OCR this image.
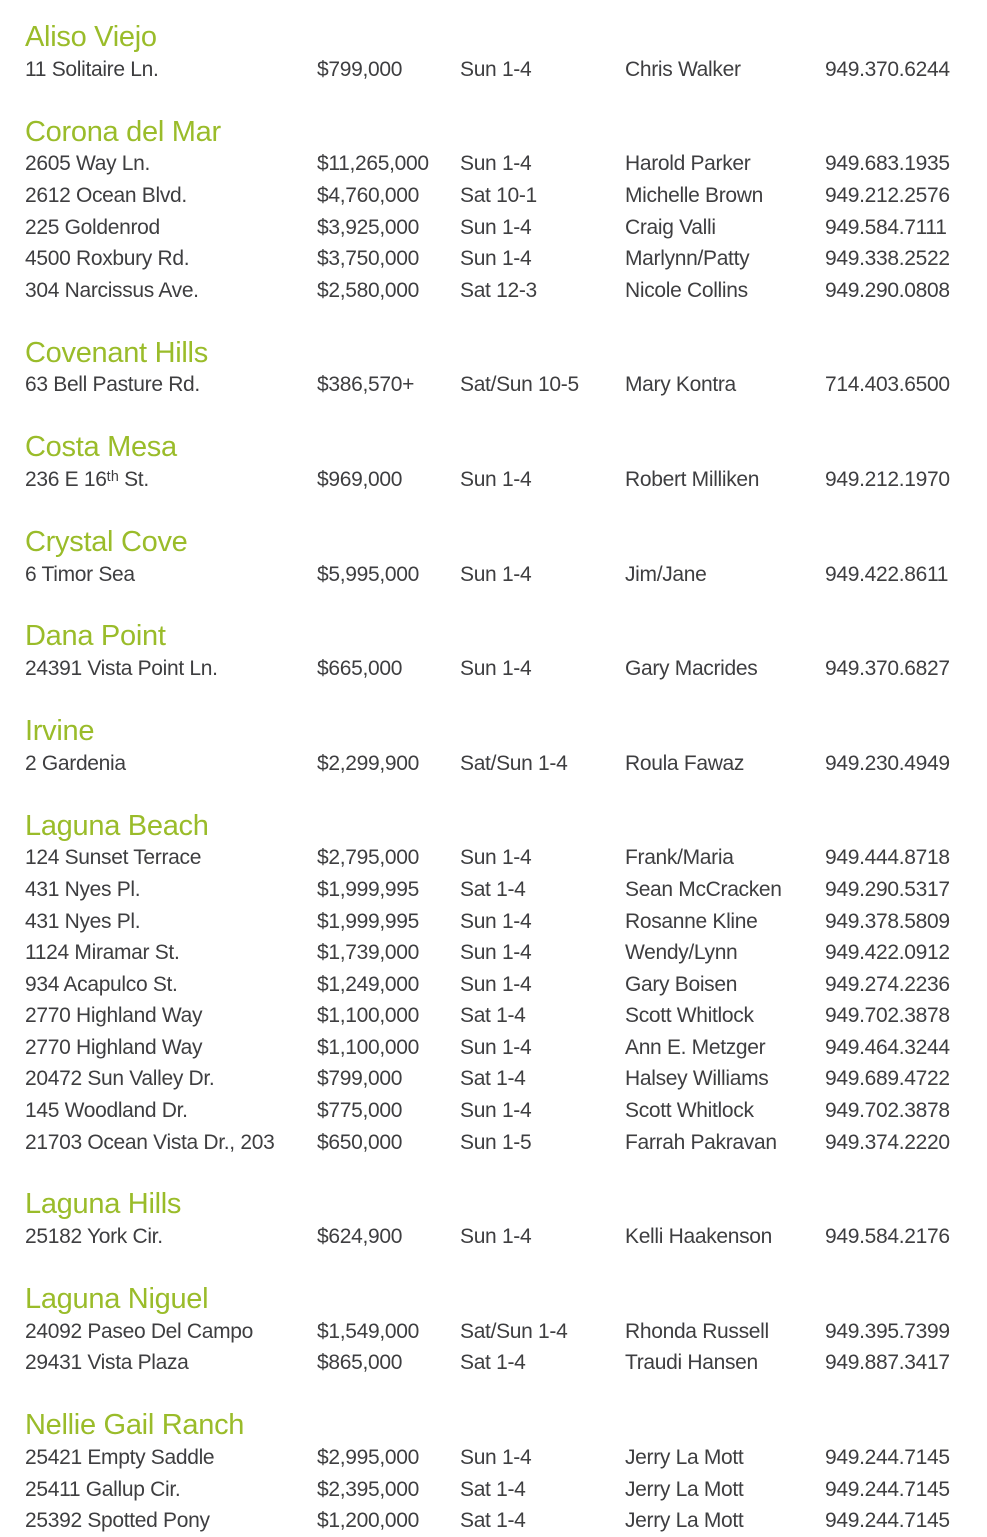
Aliso Viejo
11 Solitaire Ln.	$799,000	Sun 1-4	Chris Walker	949.370.6244
Corona del Mar
2605 Way Ln.	$11,265,000	Sun 1-4	Harold Parker	949.683.1935
2612 Ocean Blvd.	$4,760,000	Sat 10-1	Michelle Brown	949.212.2576
225 Goldenrod	$3,925,000	Sun 1-4	Craig Valli	949.584.7111
4500 Roxbury Rd.	$3,750,000	Sun 1-4	Marlynn/Patty	949.338.2522
304 Narcissus Ave.	$2,580,000	Sat 12-3	Nicole Collins	949.290.0808
Covenant Hills
63 Bell Pasture Rd.	$386,570+	Sat/Sun 10-5	Mary Kontra	714.403.6500
Costa Mesa
236 E 16ᵗʰ St.	$969,000	Sun 1-4	Robert Milliken	949.212.1970
Crystal Cove
6 Timor Sea	$5,995,000	Sun 1-4	Jim/Jane	949.422.8611
Dana Point
24391 Vista Point Ln.	$665,000	Sun 1-4	Gary Macrides	949.370.6827
Irvine
2 Gardenia	$2,299,900	Sat/Sun 1-4	Roula Fawaz	949.230.4949
Laguna Beach
124 Sunset Terrace	$2,795,000	Sun 1-4	Frank/Maria	949.444.8718
431 Nyes Pl.	$1,999,995	Sat 1-4	Sean McCracken	949.290.5317
431 Nyes Pl.	$1,999,995	Sun 1-4	Rosanne Kline	949.378.5809
1124 Miramar St.	$1,739,000	Sun 1-4	Wendy/Lynn	949.422.0912
934 Acapulco St.	$1,249,000	Sun 1-4	Gary Boisen	949.274.2236
2770 Highland Way	$1,100,000	Sat 1-4	Scott Whitlock	949.702.3878
2770 Highland Way	$1,100,000	Sun 1-4	Ann E. Metzger	949.464.3244
20472 Sun Valley Dr.	$799,000	Sat 1-4	Halsey Williams	949.689.4722
145 Woodland Dr.	$775,000	Sun 1-4	Scott Whitlock	949.702.3878
21703 Ocean Vista Dr., 203	$650,000	Sun 1-5	Farrah Pakravan	949.374.2220
Laguna Hills
25182 York Cir.	$624,900	Sun 1-4	Kelli Haakenson	949.584.2176
Laguna Niguel
24092 Paseo Del Campo	$1,549,000	Sat/Sun 1-4	Rhonda Russell	949.395.7399
29431 Vista Plaza	$865,000	Sat 1-4	Traudi Hansen	949.887.3417
Nellie Gail Ranch
25421 Empty Saddle	$2,995,000	Sun 1-4	Jerry La Mott	949.244.7145
25411 Gallup Cir.	$2,395,000	Sat 1-4	Jerry La Mott	949.244.7145
25392 Spotted Pony	$1,200,000	Sat 1-4	Jerry La Mott	949.244.7145
